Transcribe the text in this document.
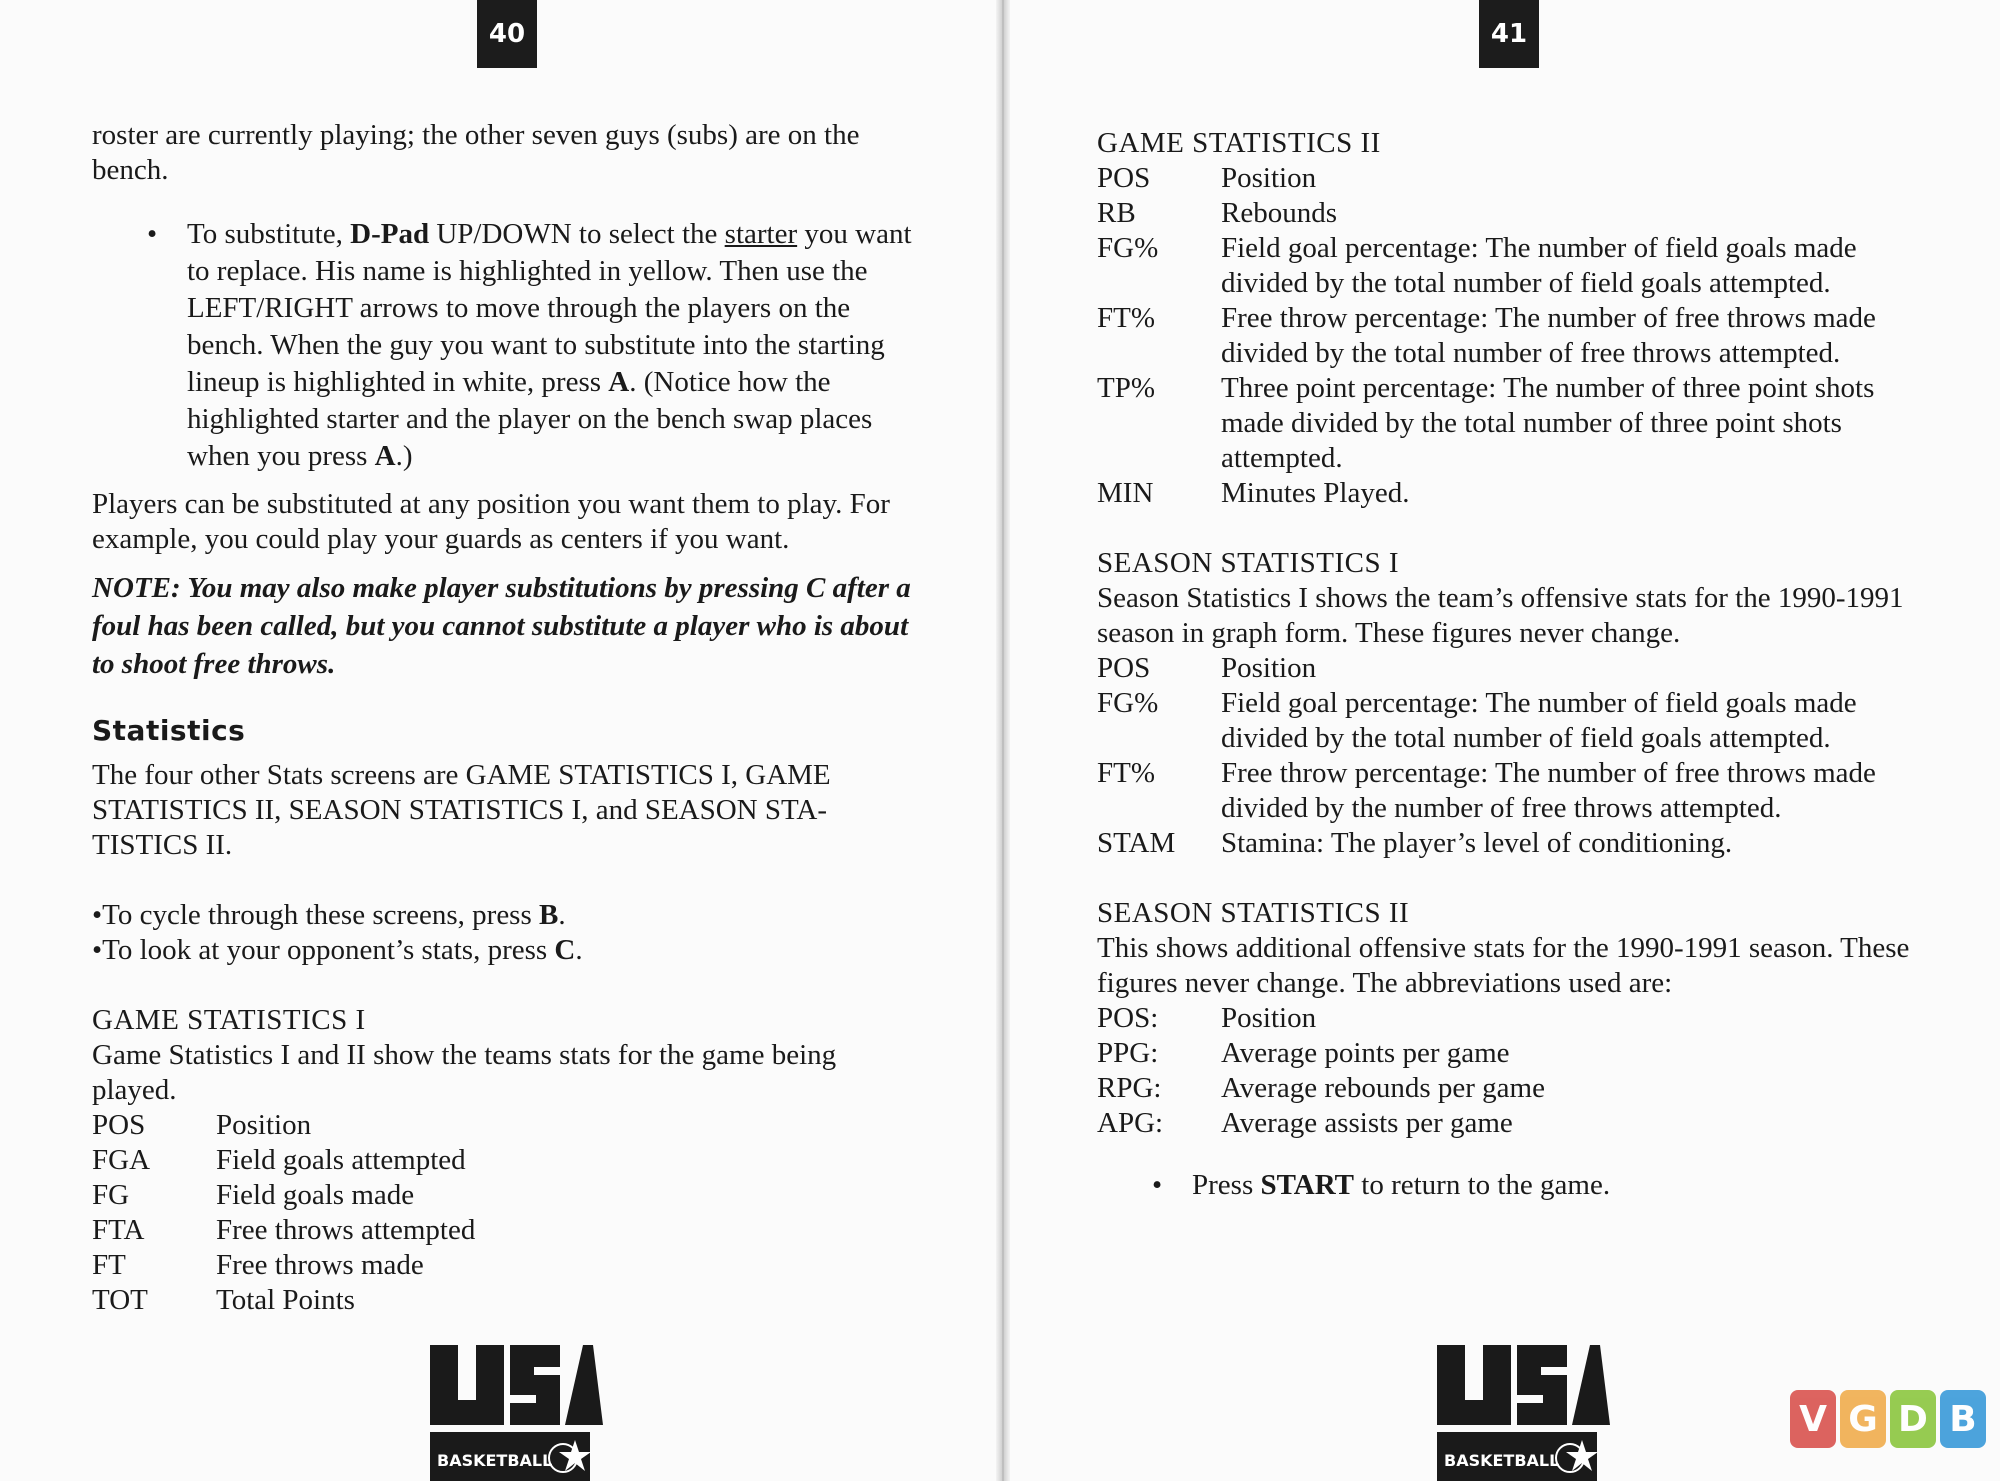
40	41

roster are currently playing; the other seven guys (subs) are on the bench.

• To substitute, D-Pad UP/DOWN to select the starter you want to replace. His name is highlighted in yellow. Then use the LEFT/RIGHT arrows to move through the players on the bench. When the guy you want to substitute into the starting lineup is highlighted in white, press A. (Notice how the highlighted starter and the player on the bench swap places when you press A.)

Players can be substituted at any position you want them to play. For example, you could play your guards as centers if you want.

NOTE: You may also make player substitutions by pressing C after a foul has been called, but you cannot substitute a player who is about to shoot free throws.

Statistics

The four other Stats screens are GAME STATISTICS I, GAME STATISTICS II, SEASON STATISTICS I, and SEASON STA-TISTICS II.

•To cycle through these screens, press B.

•To look at your opponent’s stats, press C.

GAME STATISTICS I

Game Statistics I and II show the teams stats for the game being played.

POS	Position
FGA	Field goals attempted
FG	Field goals made
FTA	Free throws attempted
FT	Free throws made
TOT	Total Points
BASKETBALL	BASKETBALL

GAME STATISTICS II

POS	Position
RB	Rebounds
FG%	Field goal percentage: The number of field goals made divided by the total number of field goals attempted.
FT%	Free throw percentage: The number of free throws made divided by the total number of free throws attempted.
TP%	Three point percentage: The number of three point shots made divided by the total number of three point shots attempted.
MIN	Minutes Played.

SEASON STATISTICS I

Season Statistics I shows the team’s offensive stats for the 1990-1991 season in graph form. These figures never change.

POS	Position
FG%	Field goal percentage: The number of field goals made divided by the total number of field goals attempted.
FT%	Free throw percentage: The number of free throws made divided by the number of free throws attempted.
STAM	Stamina: The player’s level of conditioning.

SEASON STATISTICS II

This shows additional offensive stats for the 1990-1991 season. These figures never change. The abbreviations used are:

POS:	Position
PPG:	Average points per game
RPG:	Average rebounds per game
APG:	Average assists per game

• Press START to return to the game.

V G D B
